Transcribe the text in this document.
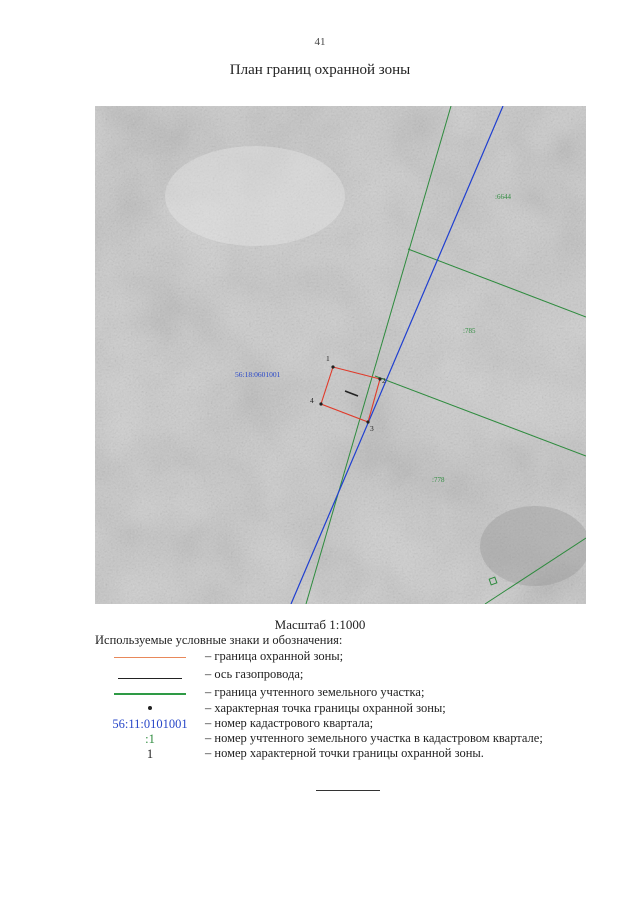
41
План границ охранной зоны
1
2
3
4
56:18:0601001
:6644
:785
:778
Масштаб 1:1000
Используемые условные знаки и обозначения:
– граница охранной зоны;
– ось газопровода;
– граница учтенного земельного участка;
– характерная точка границы охранной зоны;
56:11:0101001	– номер кадастрового квартала;
:1	– номер учтенного земельного участка в кадастровом квартале;
1	– номер характерной точки границы охранной зоны.
